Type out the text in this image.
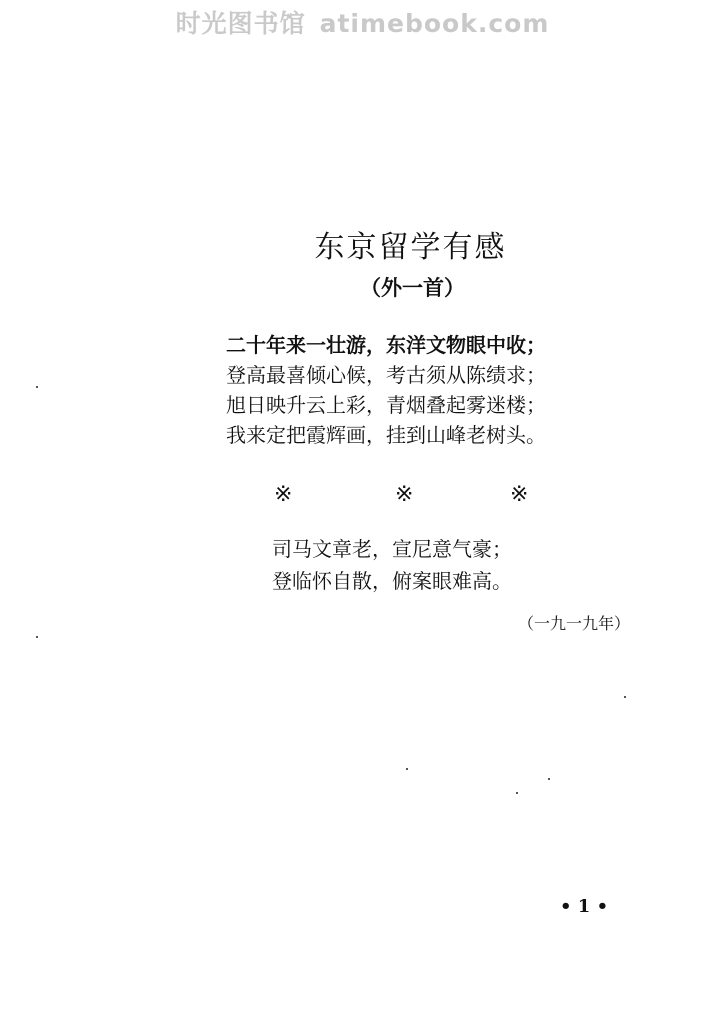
时光图书馆 atimebook.com
东京留学有感
（外一首）
二十年来一壮游，东洋文物眼中收；
登高最喜倾心候，考古须从陈绩求；
旭日映升云上彩，青烟叠起雾迷楼；
我来定把霞辉画，挂到山峰老树头。
※	※	※
司马文章老，宣尼意气豪；
登临怀自散，俯案眼难高。
（一九一九年）
• 1 •
